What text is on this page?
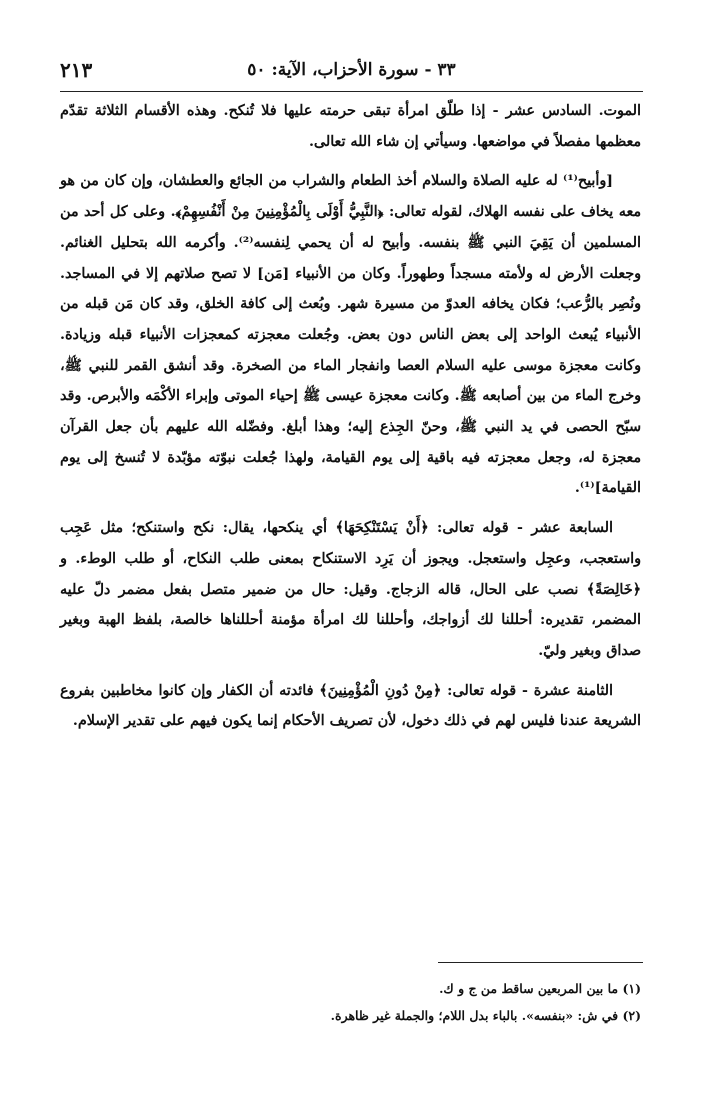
٣٣ - سورة الأحزاب، الآية: ٥٠
٢١٣

الموت. السادس عشر - إذا طلّق امرأة تبقى حرمته عليها فلا تُنكح. وهذه الأقسام الثلاثة تقدّم معظمها مفصلاً في مواضعها. وسيأتي إن شاء الله تعالى.

[وأبيح⁽¹⁾ له عليه الصلاة والسلام أخذ الطعام والشراب من الجائع والعطشان، وإن كان من هو معه يخاف على نفسه الهلاك، لقوله تعالى: ﴿النَّبِيُّ أَوْلَى بِالْمُؤْمِنِينَ مِنْ أَنْفُسِهِمْ﴾. وعلى كل أحد من المسلمين أن يَقِيَ النبي ﷺ بنفسه. وأبيح له أن يحمي لِنفسه⁽²⁾. وأكرمه الله بتحليل الغنائم. وجعلت الأرض له ولأمته مسجداً وطهوراً. وكان من الأنبياء [مَن] لا تصح صلاتهم إلا في المساجد. ونُصِر بالرُّعب؛ فكان يخافه العدوّ من مسيرة شهر. وبُعث إلى كافة الخلق، وقد كان مَن قبله من الأنبياء يُبعث الواحد إلى بعض الناس دون بعض. وجُعلت معجزته كمعجزات الأنبياء قبله وزيادة. وكانت معجزة موسى عليه السلام العصا وانفجار الماء من الصخرة. وقد أنشق القمر للنبي ﷺ، وخرج الماء من بين أصابعه ﷺ. وكانت معجزة عيسى ﷺ إحياء الموتى وإبراء الأكْمَه والأبرص. وقد سبّح الحصى في يد النبي ﷺ، وحنّ الجِذع إليه؛ وهذا أبلغ. وفضّله الله عليهم بأن جعل القرآن معجزة له، وجعل معجزته فيه باقية إلى يوم القيامة، ولهذا جُعلت نبوّته مؤبّدة لا تُنسخ إلى يوم القيامة]⁽¹⁾.

السابعة عشر - قوله تعالى: ﴿أَنْ يَسْتَنْكِحَهَا﴾ أي ينكحها، يقال: نكح واستنكح؛ مثل عَجِب واستعجب، وعجِل واستعجل. ويجوز أن يَرِد الاستنكاح بمعنى طلب النكاح، أو طلب الوطء. و ﴿خَالِصَةً﴾ نصب على الحال، قاله الزجاج. وقيل: حال من ضمير متصل بفعل مضمر دلّ عليه المضمر، تقديره: أحللنا لك أزواجك، وأحللنا لك امرأة مؤمنة أحللناها خالصة، بلفظ الهبة وبغير صداق وبغير وليّ.

الثامنة عشرة - قوله تعالى: ﴿مِنْ دُونِ الْمُؤْمِنِينَ﴾ فائدته أن الكفار وإن كانوا مخاطبين بفروع الشريعة عندنا فليس لهم في ذلك دخول، لأن تصريف الأحكام إنما يكون فيهم على تقدير الإسلام.

(١) ما بين المربعين ساقط من ج و ك.

(٢) في ش: «بنفسه». بالباء بدل اللام؛ والجملة غير ظاهرة.
